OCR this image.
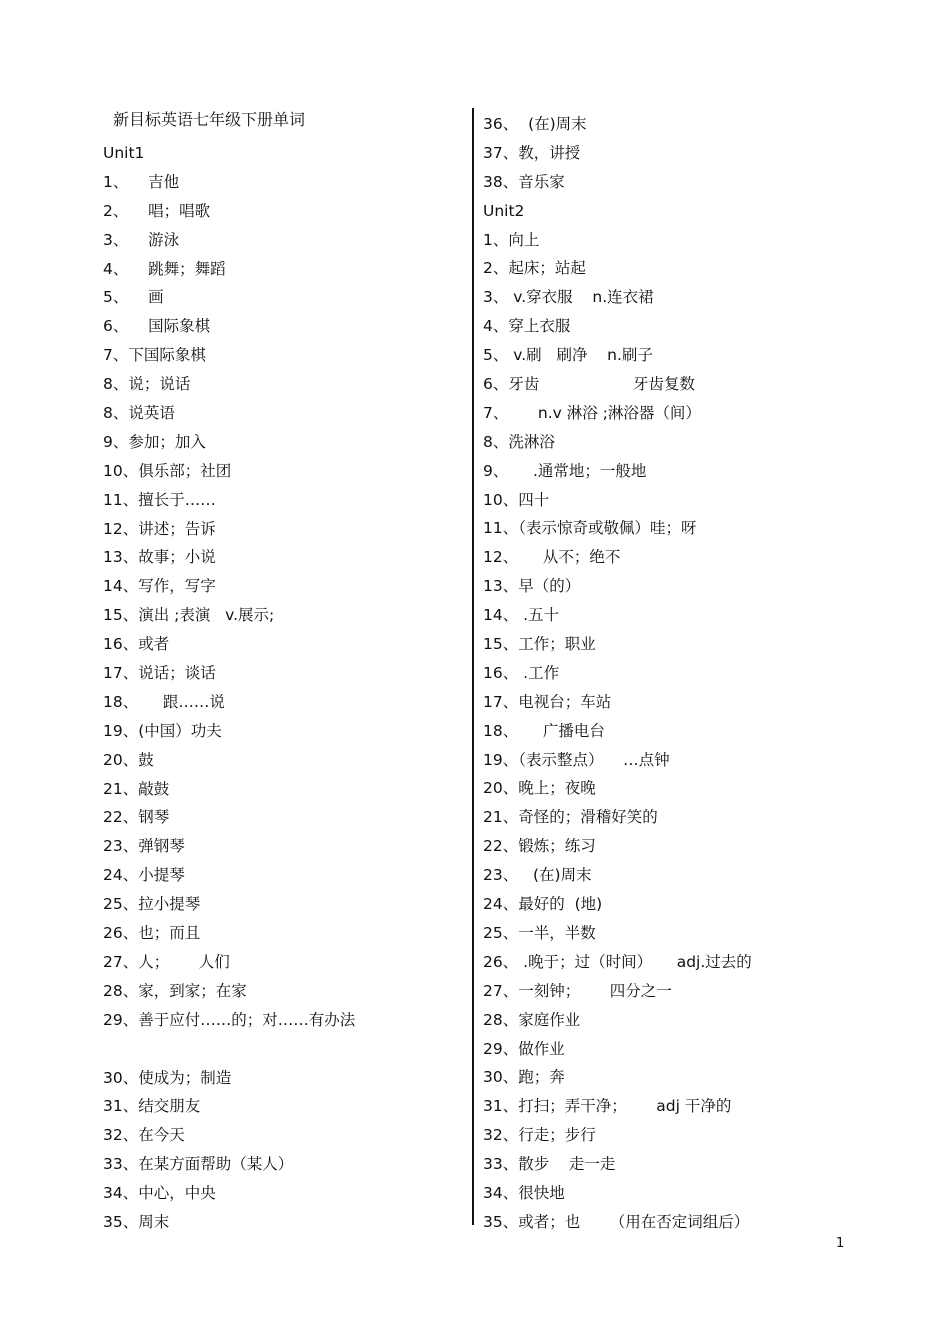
新目标英语七年级下册单词
Unit1
1、    吉他
2、    唱；唱歌
3、    游泳
4、    跳舞；舞蹈
5、    画
6、    国际象棋
7、下国际象棋
8、说；说话
8、说英语
9、参加；加入
10、俱乐部；社团
11、擅长于……
12、讲述；告诉
13、故事；小说
14、写作，写字
15、演出 ;表演   v.展示;
16、或者
17、说话；谈话
18、     跟……说
19、(中国）功夫
20、鼓
21、敲鼓
22、钢琴
23、弹钢琴
24、小提琴
25、拉小提琴
26、也；而且
27、人；      人们
28、家，到家；在家
29、善于应付……的；对……有办法
30、使成为；制造
31、结交朋友
32、在今天
33、在某方面帮助（某人）
34、中心，中央
35、周末
36、  (在)周末
37、教，讲授
38、音乐家
Unit2
1、向上
2、起床；站起
3、 v.穿衣服    n.连衣裙
4、穿上衣服
5、 v.刷   刷净    n.刷子
6、牙齿                   牙齿复数
7、      n.v 淋浴 ;淋浴器（间）
8、洗淋浴
9、     .通常地；一般地
10、四十
11、（表示惊奇或敬佩）哇；呀
12、     从不；绝不
13、早（的）
14、 .五十
15、工作；职业
16、 .工作
17、电视台；车站
18、     广播电台
19、（表示整点）    …点钟
20、晚上；夜晚
21、奇怪的；滑稽好笑的
22、锻炼；练习
23、   (在)周末
24、最好的  (地)
25、一半，半数
26、 .晚于；过（时间）     adj.过去的
27、一刻钟；      四分之一
28、家庭作业
29、做作业
30、跑；奔
31、打扫；弄干净；      adj 干净的
32、行走；步行
33、散步    走一走
34、很快地
35、或者；也      （用在否定词组后）
1
